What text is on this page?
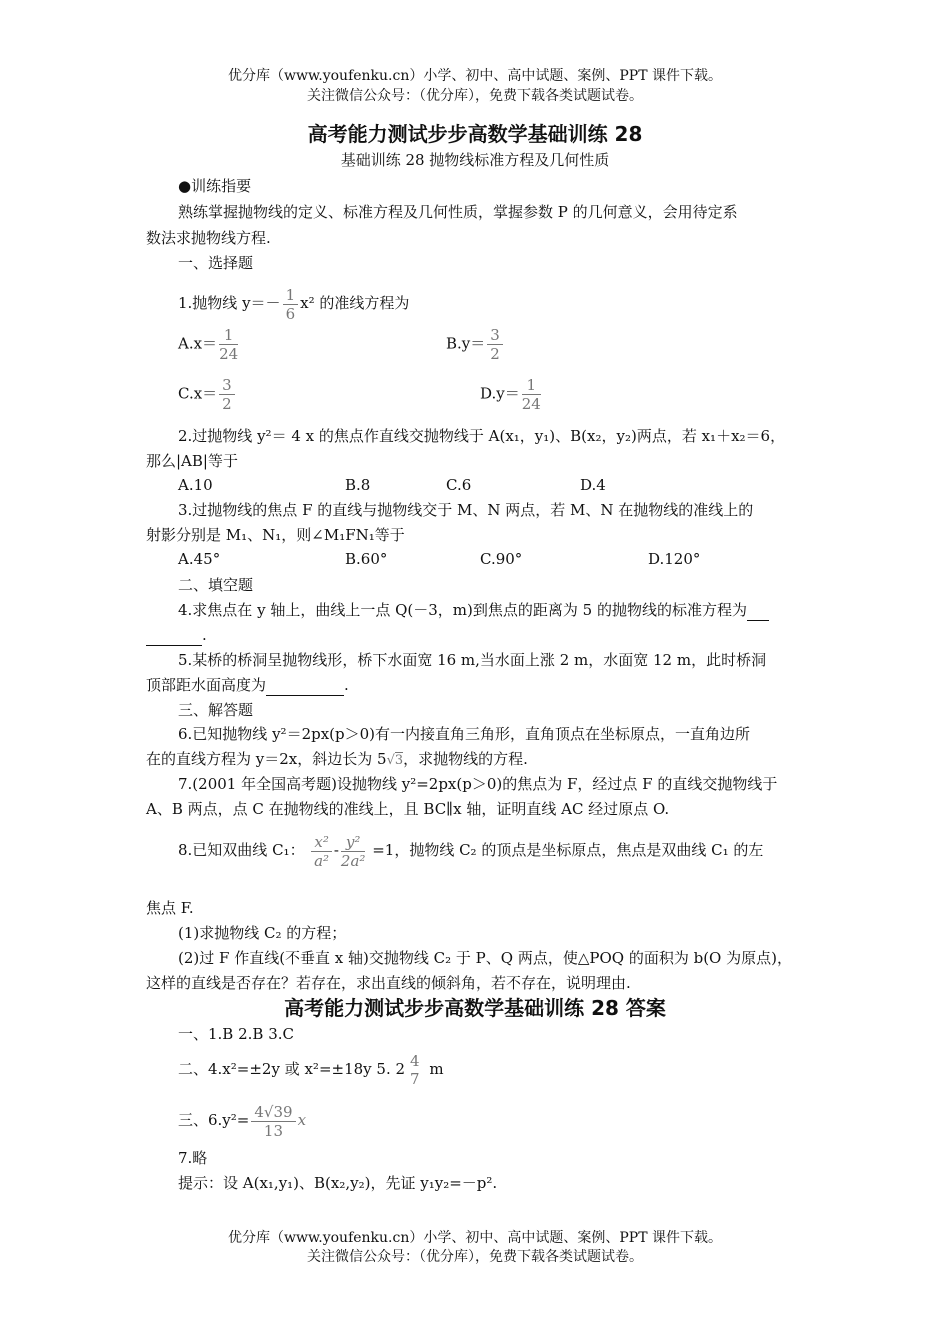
优分库（www.youfenku.cn）小学、初中、高中试题、案例、PPT 课件下载。
关注微信公众号：（优分库），免费下载各类试题试卷。
高考能力测试步步高数学基础训练 28
基础训练 28 抛物线标准方程及几何性质
●训练指要
熟练掌握抛物线的定义、标准方程及几何性质，掌握参数 P 的几何意义，会用待定系
数法求抛物线方程.
一、选择题
1.抛物线 $y=- \frac{1}{6} x^2$ 的准线方程为
$A.x= \frac{1}{24}$	$B.y= \frac{3}{2}$
$C.x= \frac{3}{2}$	$D.y= \frac{1}{24}$
2.过抛物线 y²＝ 4 x 的焦点作直线交抛物线于 A(x₁，y₁)、B(x₂，y₂)两点，若 x₁＋x₂＝6，
那么|AB|等于
A.10	B.8	C.6	D.4
3.过抛物线的焦点 F 的直线与抛物线交于 M、N 两点，若 M、N 在抛物线的准线上的
射影分别是 M₁、N₁，则∠M₁FN₁等于
A.45°	B.60°	C.90°	D.120°
二、填空题
4.求焦点在 y 轴上，曲线上一点 Q(－3，m)到焦点的距离为 5 的抛物线的标准方程为
.
5.某桥的桥洞呈抛物线形，桥下水面宽 16 m,当水面上涨 2 m，水面宽 12 m，此时桥洞
顶部距水面高度为	.
三、解答题
6.已知抛物线 y²＝2px(p＞0)有一内接直角三角形，直角顶点在坐标原点，一直角边所
在的直线方程为 y＝2x，斜边长为 5√3，求抛物线的方程.
7.(2001 年全国高考题)设抛物线 y²=2px(p＞0)的焦点为 F，经过点 F 的直线交抛物线于
A、B 两点，点 C 在抛物线的准线上，且 BC∥x 轴，证明直线 AC 经过原点 O.
8.已知双曲线 C₁： $\frac{\text{x²}}{\text{a²}} - \frac{\text{y²}}{\text{2a²}} =1$，抛物线 C₂ 的顶点是坐标原点，焦点是双曲线 C₁ 的左
焦点 F.
(1)求抛物线 C₂ 的方程；
(2)过 F 作直线(不垂直 x 轴)交抛物线 C₂ 于 P、Q 两点，使△POQ 的面积为 b(O 为原点)，
这样的直线是否存在？若存在，求出直线的倾斜角，若不存在，说明理由.
高考能力测试步步高数学基础训练 28 答案
一、1.B 2.B 3.C
二、4.x²=±2y 或 x²=±18y 5. 2 4
7
m
三、$6.y^2= \frac{4√39}{13}$ x
7.略
提示：设 A(x₁,y₁)、B(x₂,y₂)，先证 y₁y₂=－p².
优分库（www.youfenku.cn）小学、初中、高中试题、案例、PPT 课件下载。
关注微信公众号：（优分库），免费下载各类试题试卷。
